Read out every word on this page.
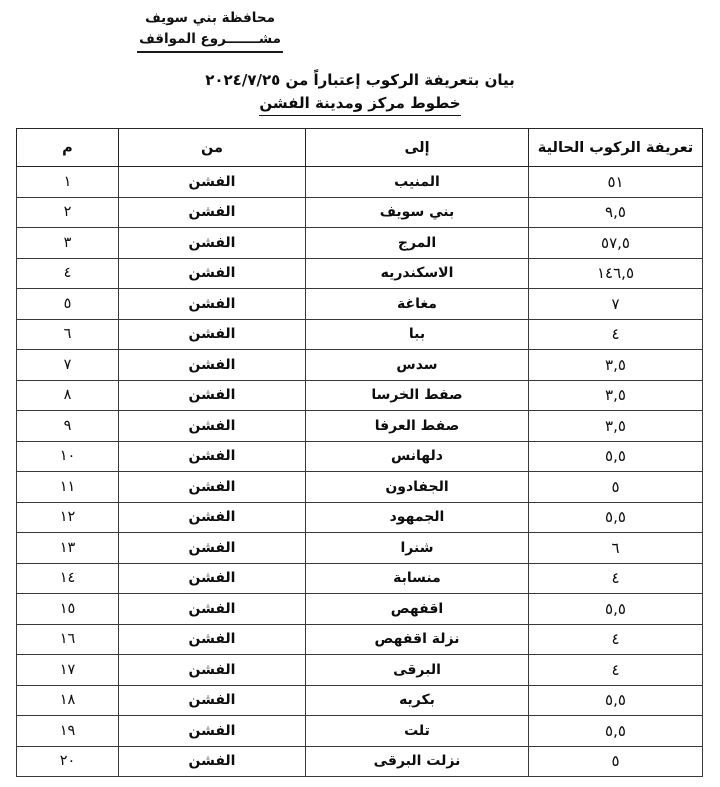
محافظة بني سويف
مشـــــــروع المواقف
بيان بتعريفة الركوب إعتباراً من ٢٠٢٤/٧/٢٥
خطوط مركز ومدينة الفشن
تعريفة الركوب الحالية	إلى	من	م
٥١	المنيب	الفشن	١
٩,٥	بني سويف	الفشن	٢
٥٧,٥	المرج	الفشن	٣
١٤٦,٥	الاسكندريه	الفشن	٤
٧	مغاغة	الفشن	٥
٤	ببا	الفشن	٦
٣,٥	سدس	الفشن	٧
٣,٥	صفط الخرسا	الفشن	٨
٣,٥	صفط العرفا	الفشن	٩
٥,٥	دلهانس	الفشن	١٠
٥	الجفادون	الفشن	١١
٥,٥	الجمهود	الفشن	١٢
٦	شنرا	الفشن	١٣
٤	منسابة	الفشن	١٤
٥,٥	اقفهص	الفشن	١٥
٤	نزلة اقفهص	الفشن	١٦
٤	البرقى	الفشن	١٧
٥,٥	بكريه	الفشن	١٨
٥,٥	تلت	الفشن	١٩
٥	نزلت البرقى	الفشن	٢٠
